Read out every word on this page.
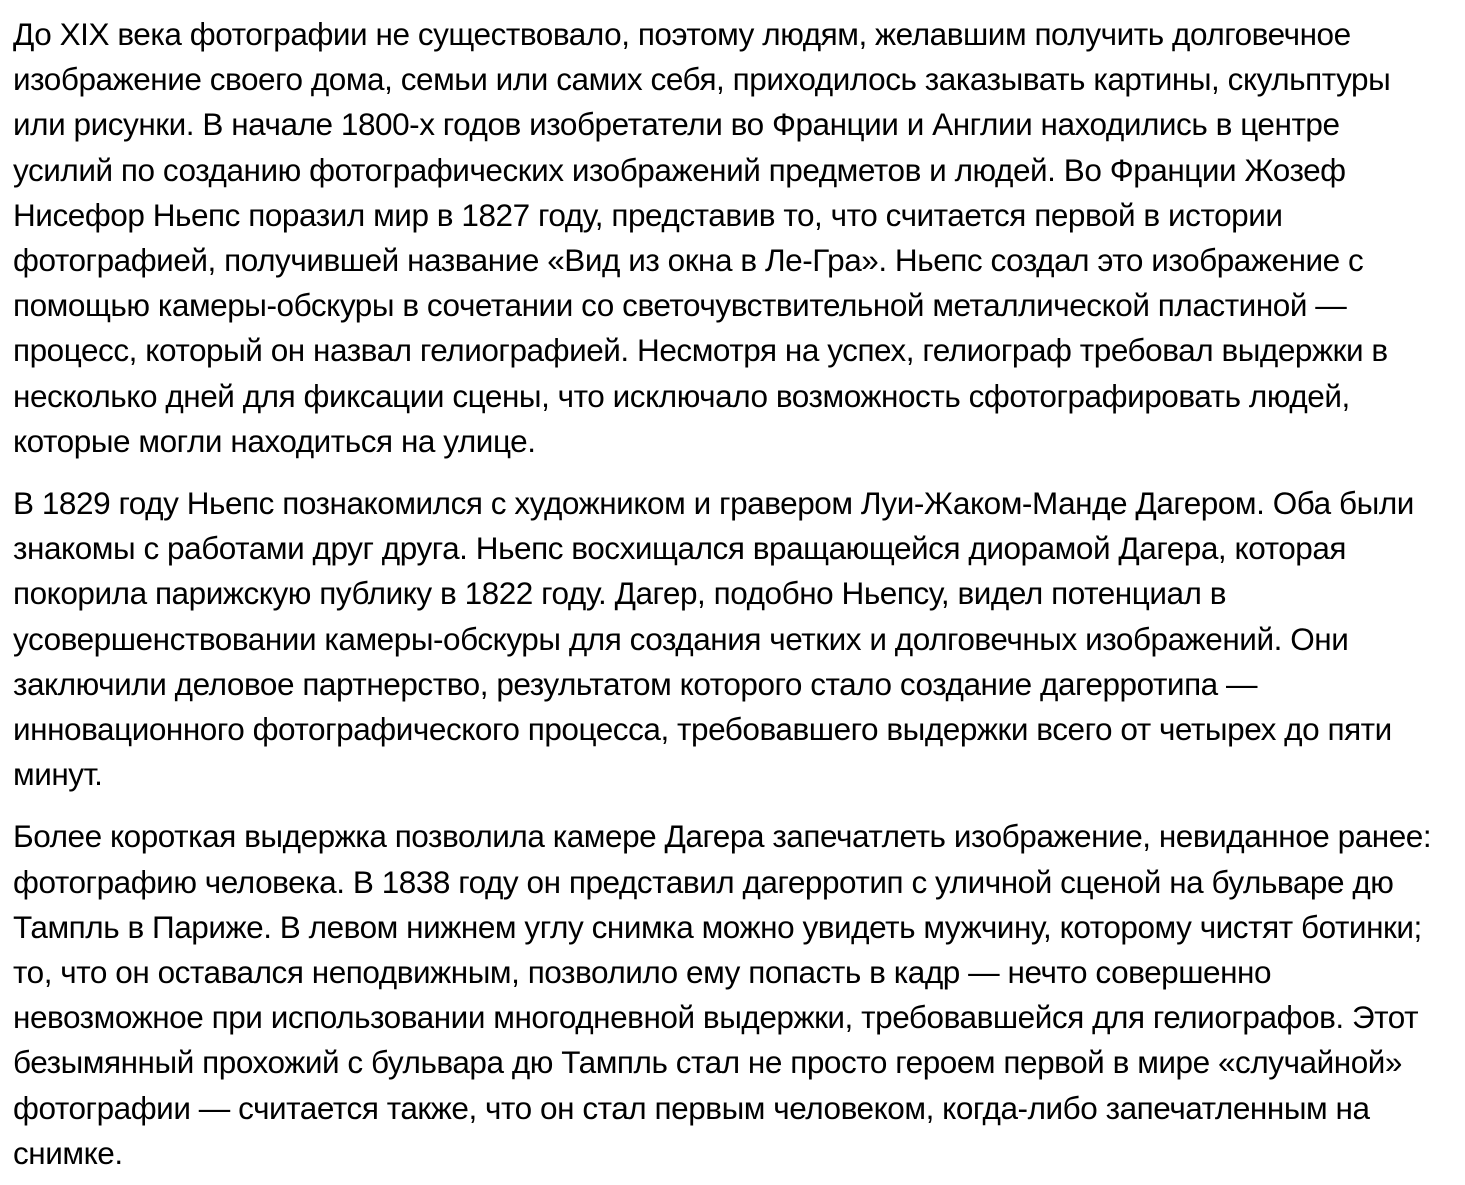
До XIX века фотографии не существовало, поэтому людям, желавшим получить долговечное изображение своего дома, семьи или самих себя, приходилось заказывать картины, скульптуры или рисунки. В начале 1800-х годов изобретатели во Франции и Англии находились в центре усилий по созданию фотографических изображений предметов и людей. Во Франции Жозеф Нисефор Ньепс поразил мир в 1827 году, представив то, что считается первой в истории фотографией, получившей название «Вид из окна в Ле-Гра». Ньепс создал это изображение с помощью камеры-обскуры в сочетании со светочувствительной металлической пластиной — процесс, который он назвал гелиографией. Несмотря на успех, гелиограф требовал выдержки в несколько дней для фиксации сцены, что исключало возможность сфотографировать людей, которые могли находиться на улице.

В 1829 году Ньепс познакомился с художником и гравером Луи-Жаком-Манде Дагером. Оба были знакомы с работами друг друга. Ньепс восхищался вращающейся диорамой Дагера, которая покорила парижскую публику в 1822 году. Дагер, подобно Ньепсу, видел потенциал в усовершенствовании камеры-обскуры для создания четких и долговечных изображений. Они заключили деловое партнерство, результатом которого стало создание дагерротипа — инновационного фотографического процесса, требовавшего выдержки всего от четырех до пяти минут.

Более короткая выдержка позволила камере Дагера запечатлеть изображение, невиданное ранее: фотографию человека. В 1838 году он представил дагерротип с уличной сценой на бульваре дю Тампль в Париже. В левом нижнем углу снимка можно увидеть мужчину, которому чистят ботинки; то, что он оставался неподвижным, позволило ему попасть в кадр — нечто совершенно невозможное при использовании многодневной выдержки, требовавшейся для гелиографов. Этот безымянный прохожий с бульвара дю Тампль стал не просто героем первой в мире «случайной» фотографии — считается также, что он стал первым человеком, когда-либо запечатленным на снимке.
